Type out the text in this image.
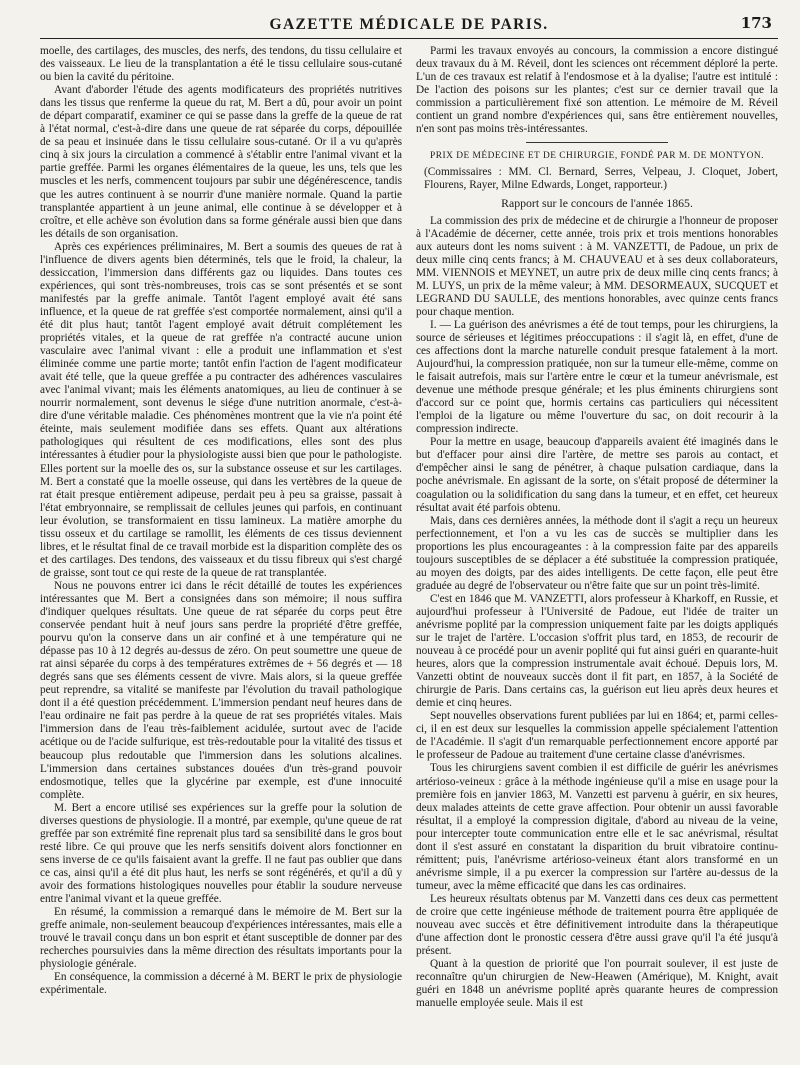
GAZETTE MÉDICALE DE PARIS.	173

moelle, des cartilages, des muscles, des nerfs, des tendons, du tissu cellulaire et des vaisseaux. Le lieu de la transplantation a été le tissu cellulaire sous-cutané ou bien la cavité du péritoine.

Avant d'aborder l'étude des agents modificateurs des propriétés nutritives dans les tissus que renferme la queue du rat, M. Bert a dû, pour avoir un point de départ comparatif, examiner ce qui se passe dans la greffe de la queue de rat à l'état normal, c'est-à-dire dans une queue de rat séparée du corps, dépouillée de sa peau et insinuée dans le tissu cellulaire sous-cutané. Or il a vu qu'après cinq à six jours la circulation a commencé à s'établir entre l'animal vivant et la partie greffée. Parmi les organes élémentaires de la queue, les uns, tels que les muscles et les nerfs, commencent toujours par subir une dégénérescence, tandis que les autres continuent à se nourrir d'une manière normale. Quand la partie transplantée appartient à un jeune animal, elle continue à se développer et à croître, et elle achève son évolution dans sa forme générale aussi bien que dans les détails de son organisation.

Après ces expériences préliminaires, M. Bert a soumis des queues de rat à l'influence de divers agents bien déterminés, tels que le froid, la chaleur, la dessiccation, l'immersion dans différents gaz ou liquides. Dans toutes ces expériences, qui sont très-nombreuses, trois cas se sont présentés et se sont manifestés par la greffe animale. Tantôt l'agent employé avait été sans influence, et la queue de rat greffée s'est comportée normalement, ainsi qu'il a été dit plus haut; tantôt l'agent employé avait détruit complétement les propriétés vitales, et la queue de rat greffée n'a contracté aucune union vasculaire avec l'animal vivant : elle a produit une inflammation et s'est éliminée comme une partie morte; tantôt enfin l'action de l'agent modificateur avait été telle, que la queue greffée a pu contracter des adhérences vasculaires avec l'animal vivant; mais les éléments anatomiques, au lieu de continuer à se nourrir normalement, sont devenus le siége d'une nutrition anormale, c'est-à-dire d'une véritable maladie. Ces phénomènes montrent que la vie n'a point été éteinte, mais seulement modifiée dans ses effets. Quant aux altérations pathologiques qui résultent de ces modifications, elles sont des plus intéressantes à étudier pour la physiologiste aussi bien que pour le pathologiste. Elles portent sur la moelle des os, sur la substance osseuse et sur les cartilages. M. Bert a constaté que la moelle osseuse, qui dans les vertèbres de la queue de rat était presque entièrement adipeuse, perdait peu à peu sa graisse, passait à l'état embryonnaire, se remplissait de cellules jeunes qui parfois, en continuant leur évolution, se transformaient en tissu lamineux. La matière amorphe du tissu osseux et du cartilage se ramollit, les éléments de ces tissus deviennent libres, et le résultat final de ce travail morbide est la disparition complète des os et des cartilages. Des tendons, des vaisseaux et du tissu fibreux qui s'est chargé de graisse, sont tout ce qui reste de la queue de rat transplantée.

Nous ne pouvons entrer ici dans le récit détaillé de toutes les expériences intéressantes que M. Bert a consignées dans son mémoire; il nous suffira d'indiquer quelques résultats. Une queue de rat séparée du corps peut être conservée pendant huit à neuf jours sans perdre la propriété d'être greffée, pourvu qu'on la conserve dans un air confiné et à une température qui ne dépasse pas 10 à 12 degrés au-dessus de zéro. On peut soumettre une queue de rat ainsi séparée du corps à des températures extrêmes de + 56 degrés et — 18 degrés sans que ses éléments cessent de vivre. Mais alors, si la queue greffée peut reprendre, sa vitalité se manifeste par l'évolution du travail pathologique dont il a été question précédemment. L'immersion pendant neuf heures dans de l'eau ordinaire ne fait pas perdre à la queue de rat ses propriétés vitales. Mais l'immersion dans de l'eau très-faiblement acidulée, surtout avec de l'acide acétique ou de l'acide sulfurique, est très-redoutable pour la vitalité des tissus et beaucoup plus redoutable que l'immersion dans les solutions alcalines. L'immersion dans certaines substances douées d'un très-grand pouvoir endosmotique, telles que la glycérine par exemple, est d'une innocuité complète.

M. Bert a encore utilisé ses expériences sur la greffe pour la solution de diverses questions de physiologie. Il a montré, par exemple, qu'une queue de rat greffée par son extrémité fine reprenait plus tard sa sensibilité dans le gros bout resté libre. Ce qui prouve que les nerfs sensitifs doivent alors fonctionner en sens inverse de ce qu'ils faisaient avant la greffe. Il ne faut pas oublier que dans ce cas, ainsi qu'il a été dit plus haut, les nerfs se sont régénérés, et qu'il a dû y avoir des formations histologiques nouvelles pour établir la soudure nerveuse entre l'animal vivant et la queue greffée.

En résumé, la commission a remarqué dans le mémoire de M. Bert sur la greffe animale, non-seulement beaucoup d'expériences intéressantes, mais elle a trouvé le travail conçu dans un bon esprit et étant susceptible de donner par des recherches poursuivies dans la même direction des résultats importants pour la physiologie générale.

En conséquence, la commission a décerné à M. BERT le prix de physiologie expérimentale.

Parmi les travaux envoyés au concours, la commission a encore distingué deux travaux du à M. Réveil, dont les sciences ont récemment déploré la perte. L'un de ces travaux est relatif à l'endosmose et à la dyalise; l'autre est intitulé : De l'action des poisons sur les plantes; c'est sur ce dernier travail que la commission a particulièrement fixé son attention. Le mémoire de M. Réveil contient un grand nombre d'expériences qui, sans être entièrement nouvelles, n'en sont pas moins très-intéressantes.

PRIX DE MÉDECINE ET DE CHIRURGIE, FONDÉ PAR M. DE MONTYON.
(Commissaires : MM. Cl. Bernard, Serres, Velpeau, J. Cloquet, Jobert, Flourens, Rayer, Milne Edwards, Longet, rapporteur.)
Rapport sur le concours de l'année 1865.

La commission des prix de médecine et de chirurgie a l'honneur de proposer à l'Académie de décerner, cette année, trois prix et trois mentions honorables aux auteurs dont les noms suivent : à M. VANZETTI, de Padoue, un prix de deux mille cinq cents francs; à M. CHAUVEAU et à ses deux collaborateurs, MM. VIENNOIS et MEYNET, un autre prix de deux mille cinq cents francs; à M. LUYS, un prix de la même valeur; à MM. DESORMEAUX, SUCQUET et LEGRAND DU SAULLE, des mentions honorables, avec quinze cents francs pour chaque mention.

I. — La guérison des anévrismes a été de tout temps, pour les chirurgiens, la source de sérieuses et légitimes préoccupations : il s'agit là, en effet, d'une de ces affections dont la marche naturelle conduit presque fatalement à la mort. Aujourd'hui, la compression pratiquée, non sur la tumeur elle-même, comme on le faisait autrefois, mais sur l'artère entre le cœur et la tumeur anévrismale, est devenue une méthode presque générale; et les plus éminents chirurgiens sont d'accord sur ce point que, hormis certains cas particuliers qui nécessitent l'emploi de la ligature ou même l'ouverture du sac, on doit recourir à la compression indirecte.

Pour la mettre en usage, beaucoup d'appareils avaient été imaginés dans le but d'effacer pour ainsi dire l'artère, de mettre ses parois au contact, et d'empêcher ainsi le sang de pénétrer, à chaque pulsation cardiaque, dans la poche anévrismale. En agissant de la sorte, on s'était proposé de déterminer la coagulation ou la solidification du sang dans la tumeur, et en effet, cet heureux résultat avait été parfois obtenu.

Mais, dans ces dernières années, la méthode dont il s'agit a reçu un heureux perfectionnement, et l'on a vu les cas de succès se multiplier dans les proportions les plus encourageantes : à la compression faite par des appareils toujours susceptibles de se déplacer a été substituée la compression pratiquée, au moyen des doigts, par des aides intelligents. De cette façon, elle peut être graduée au degré de l'observateur ou n'être faite que sur un point très-limité.

C'est en 1846 que M. VANZETTI, alors professeur à Kharkoff, en Russie, et aujourd'hui professeur à l'Université de Padoue, eut l'idée de traiter un anévrisme poplité par la compression uniquement faite par les doigts appliqués sur le trajet de l'artère. L'occasion s'offrit plus tard, en 1853, de recourir de nouveau à ce procédé pour un avenir poplité qui fut ainsi guéri en quarante-huit heures, alors que la compression instrumentale avait échoué. Depuis lors, M. Vanzetti obtint de nouveaux succès dont il fit part, en 1857, à la Société de chirurgie de Paris. Dans certains cas, la guérison eut lieu après deux heures et demie et cinq heures.

Sept nouvelles observations furent publiées par lui en 1864; et, parmi celles-ci, il en est deux sur lesquelles la commission appelle spécialement l'attention de l'Académie. Il s'agit d'un remarquable perfectionnement encore apporté par le professeur de Padoue au traitement d'une certaine classe d'anévrismes.

Tous les chirurgiens savent combien il est difficile de guérir les anévrismes artérioso-veineux : grâce à la méthode ingénieuse qu'il a mise en usage pour la première fois en janvier 1863, M. Vanzetti est parvenu à guérir, en six heures, deux malades atteints de cette grave affection. Pour obtenir un aussi favorable résultat, il a employé la compression digitale, d'abord au niveau de la veine, pour intercepter toute communication entre elle et le sac anévrismal, résultat dont il s'est assuré en constatant la disparition du bruit vibratoire continu-rémittent; puis, l'anévrisme artérioso-veineux étant alors transformé en un anévrisme simple, il a pu exercer la compression sur l'artère au-dessus de la tumeur, avec la même efficacité que dans les cas ordinaires.

Les heureux résultats obtenus par M. Vanzetti dans ces deux cas permettent de croire que cette ingénieuse méthode de traitement pourra être appliquée de nouveau avec succès et être définitivement introduite dans la thérapeutique d'une affection dont le pronostic cessera d'être aussi grave qu'il l'a été jusqu'à présent.

Quant à la question de priorité que l'on pourrait soulever, il est juste de reconnaître qu'un chirurgien de New-Heawen (Amérique), M. Knight, avait guéri en 1848 un anévrisme poplité après quarante heures de compression manuelle employée seule. Mais il est
